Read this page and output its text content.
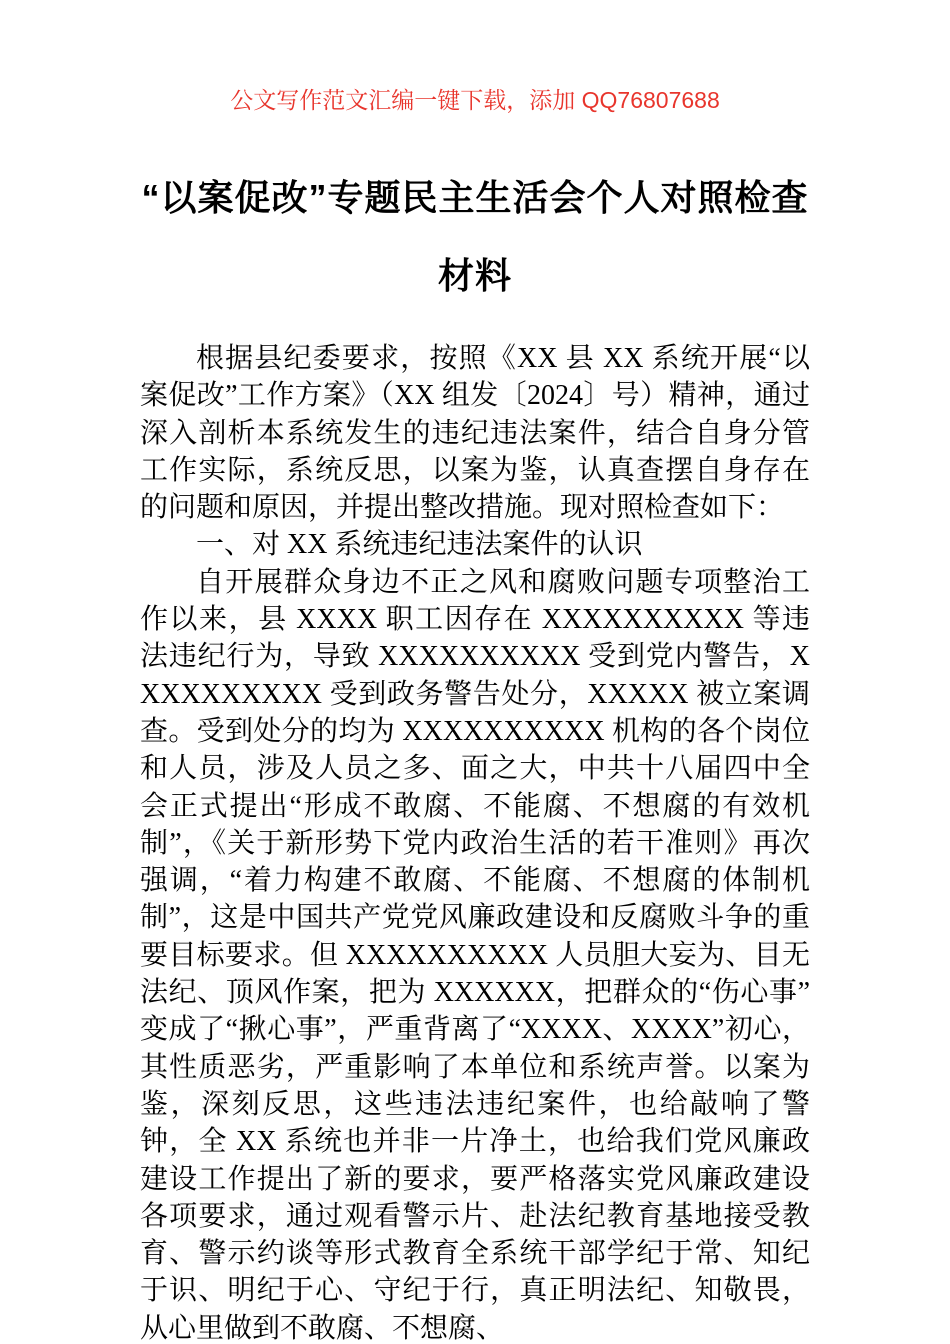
公文写作范文汇编一键下载，添加 QQ76807688
“以案促改”专题民主生活会个人对照检查材料

根据县纪委要求，按照《XX 县 XX 系统开展“以案促改”工作方案》（XX 组发〔2024〕号）精神，通过深入剖析本系统发生的违纪违法案件，结合自身分管工作实际，系统反思，以案为鉴，认真查摆自身存在的问题和原因，并提出整改措施。现对照检查如下：

一、对 XX 系统违纪违法案件的认识

自开展群众身边不正之风和腐败问题专项整治工作以来，县 XXXX 职工因存在 XXXXXXXXXX 等违法违纪行为，导致 XXXXXXXXXX 受到党内警告，XXXXXXXXXX 受到政务警告处分，XXXXX 被立案调查。受到处分的均为 XXXXXXXXXX 机构的各个岗位和人员，涉及人员之多、面之大，中共十八届四中全会正式提出“形成不敢腐、不能腐、不想腐的有效机制”，《关于新形势下党内政治生活的若干准则》再次强调，“着力构建不敢腐、不能腐、不想腐的体制机制”，这是中国共产党党风廉政建设和反腐败斗争的重要目标要求。但 XXXXXXXXXX 人员胆大妄为、目无法纪、顶风作案，把为 XXXXXX，把群众的“伤心事”变成了“揪心事”，严重背离了“XXXX、XXXX”初心，其性质恶劣，严重影响了本单位和系统声誉。以案为鉴，深刻反思，这些违法违纪案件，也给敲响了警钟，全 XX 系统也并非一片净土，也给我们党风廉政建设工作提出了新的要求，要严格落实党风廉政建设各项要求，通过观看警示片、赴法纪教育基地接受教育、警示约谈等形式教育全系统干部学纪于常、知纪于识、明纪于心、守纪于行，真正明法纪、知敬畏，从心里做到不敢腐、不想腐、
